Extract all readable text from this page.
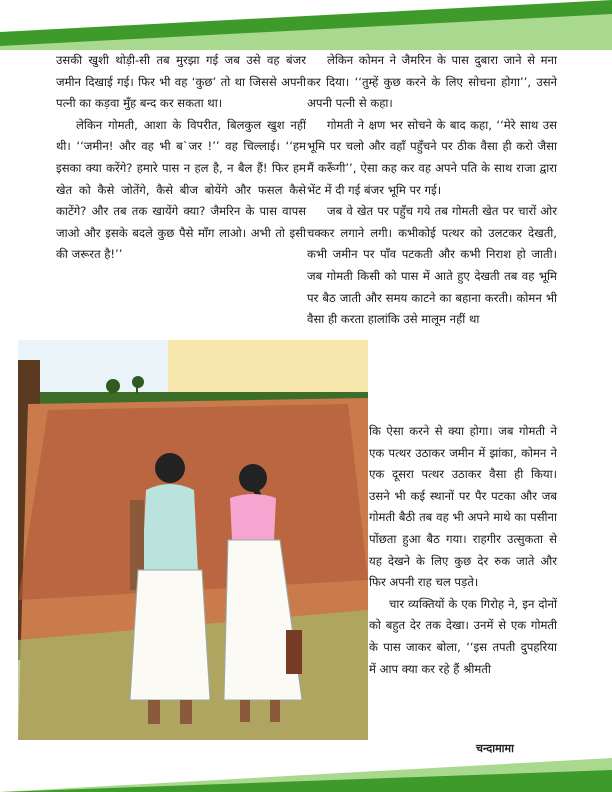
उसकी खुशी थोड़ी-सी तब मुरझा गई जब उसे वह बंजर जमीन दिखाई गई। फिर भी वह ‘कुछ’ तो था जिससे अपनी पत्नी का कड़वा मुँह बन्द कर सकता था।

लेकिन गोमती, आशा के विपरीत, बिलकुल खुश नहीं थी। ‘‘जमीन! और वह भी ब`जर !’’ वह चिल्लाई। ‘‘हम इसका क्या करेंगे? हमारे पास न हल है, न बैल हैं! फिर हम खेत को कैसे जोतेंगे, कैसे बीज बोयेंगे और फसल कैसे काटेंगे? और तब तक खायेंगे क्या? जैमरिन के पास वापस जाओ और इसके बदले कुछ पैसे माँग लाओ। अभी तो इसी की जरूरत है!’’

लेकिन कोमन ने जैमरिन के पास दुबारा जाने से मना कर दिया। ‘‘तुम्हें कुछ करने के लिए सोचना होगा’’, उसने अपनी पत्नी से कहा।

गोमती ने क्षण भर सोचने के बाद कहा, ‘‘मेरे साथ उस भूमि पर चलो और वहाँ पहुँचने पर ठीक वैसा ही करो जैसा मैं करूँगी’’, ऐसा कह कर वह अपने पति के साथ राजा द्वारा भेंट में दी गई बंजर भूमि पर गई।

जब वे खेत पर पहुँच गये तब गोमती खेत पर चारों ओर चक्कर लगाने लगी। कभीकोई पत्थर को उलटकर देखती, कभी जमीन पर पाँव पटकती और कभी निराश हो जाती। जब गोमती किसी को पास में आते हुए देखती तब वह भूमि पर बैठ जाती और समय काटने का बहाना करती। कोमन भी वैसा ही करता हालांकि उसे मालूम नहीं था

कि ऐसा करने से क्या होगा। जब गोमती ने एक पत्थर उठाकर जमीन में झांका, कोमन ने एक दूसरा पत्थर उठाकर वैसा ही किया। उसने भी कई स्थानों पर पैर पटका और जब गोमती बैठी तब वह भी अपने माथे का पसीना पोंछता हुआ बैठ गया। राहगीर उत्सुकता से यह देखने के लिए कुछ देर रुक जाते और फिर अपनी राह चल पड़ते।

चार व्यक्तियों के एक गिरोह ने, इन दोनों को बहुत देर तक देखा। उनमें से एक गोमती के पास जाकर बोला, ‘‘इस तपती दुपहरिया में आप क्या कर रहे हैं श्रीमती

चन्दामामा
